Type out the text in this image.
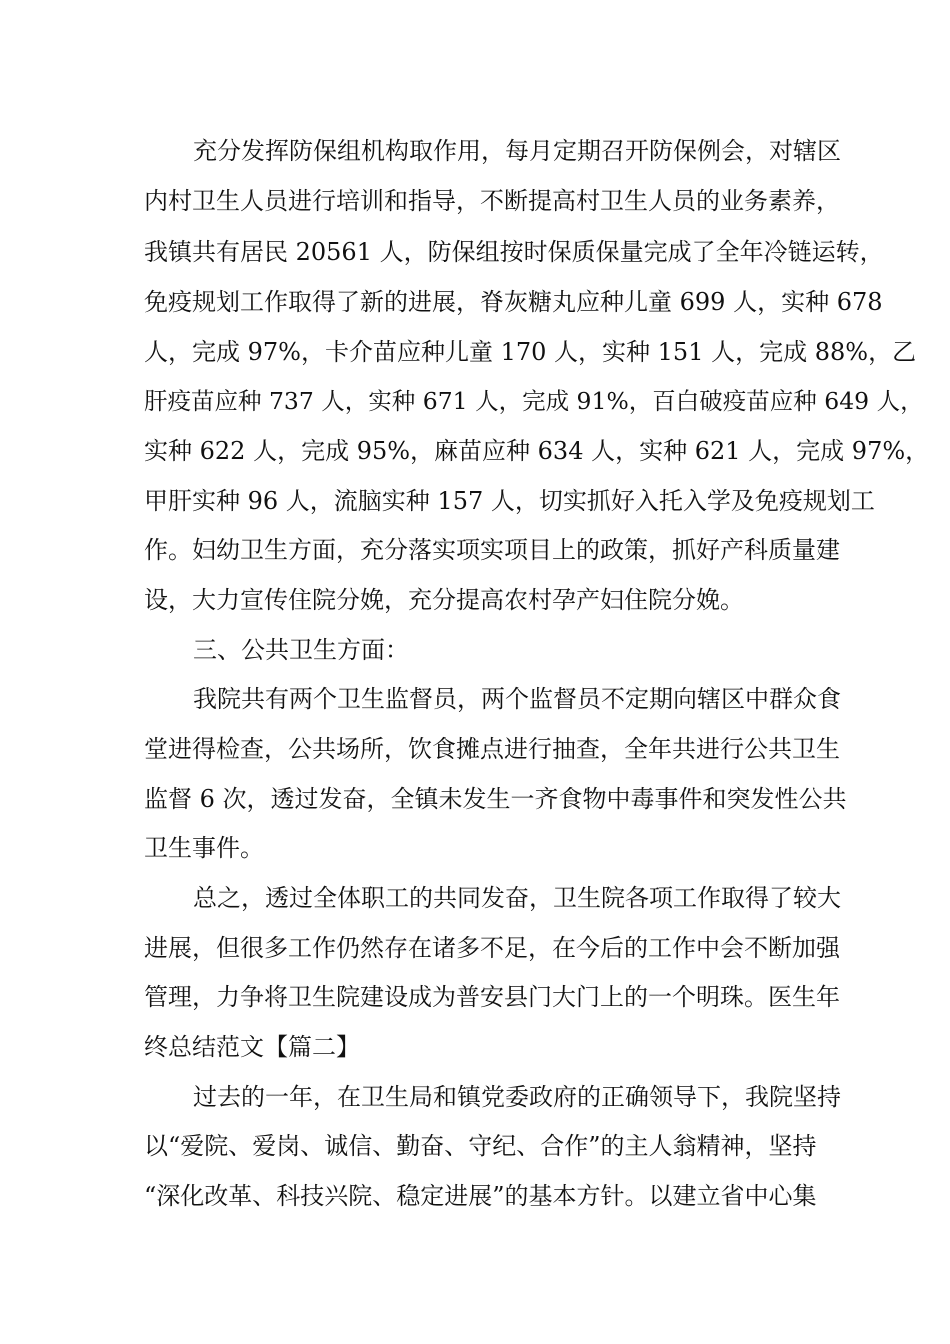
充分发挥防保组机构取作用，每月定期召开防保例会，对辖区
内村卫生人员进行培训和指导，不断提高村卫生人员的业务素养，
我镇共有居民 20561 人，防保组按时保质保量完成了全年冷链运转，
免疫规划工作取得了新的进展，脊灰糖丸应种儿童 699 人，实种 678
人，完成 97%，卡介苗应种儿童 170 人，实种 151 人，完成 88%，乙
肝疫苗应种 737 人，实种 671 人，完成 91%，百白破疫苗应种 649 人，
实种 622 人，完成 95%，麻苗应种 634 人，实种 621 人，完成 97%，
甲肝实种 96 人，流脑实种 157 人，切实抓好入托入学及免疫规划工
作。妇幼卫生方面，充分落实项实项目上的政策，抓好产科质量建
设，大力宣传住院分娩，充分提高农村孕产妇住院分娩。
三、公共卫生方面：
我院共有两个卫生监督员，两个监督员不定期向辖区中群众食
堂进得检查，公共场所，饮食摊点进行抽查，全年共进行公共卫生
监督 6 次，透过发奋，全镇未发生一齐食物中毒事件和突发性公共
卫生事件。
总之，透过全体职工的共同发奋，卫生院各项工作取得了较大
进展，但很多工作仍然存在诸多不足，在今后的工作中会不断加强
管理，力争将卫生院建设成为普安县门大门上的一个明珠。医生年
终总结范文【篇二】
过去的一年，在卫生局和镇党委政府的正确领导下，我院坚持
以“爱院、爱岗、诚信、勤奋、守纪、合作”的主人翁精神，坚持
“深化改革、科技兴院、稳定进展”的基本方针。以建立省中心集
